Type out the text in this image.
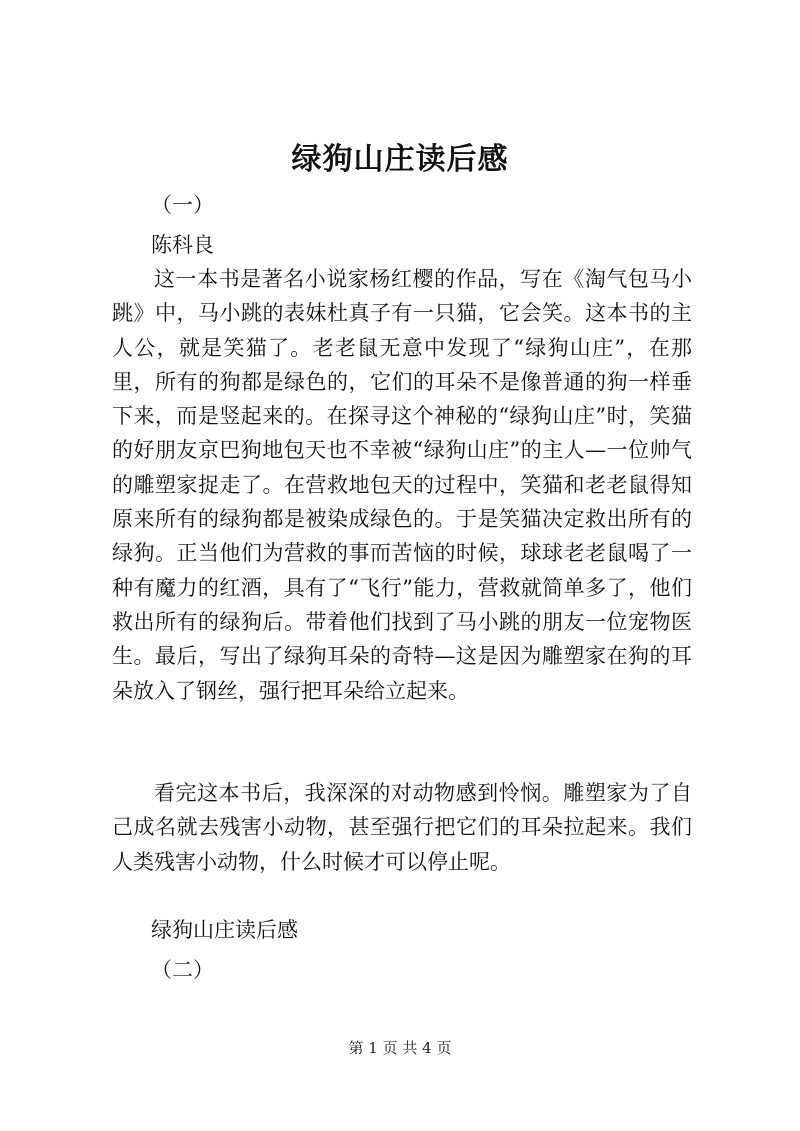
绿狗山庄读后感
（一）
陈科良

这一本书是著名小说家杨红樱的作品，写在《淘气包马小跳》中，马小跳的表妹杜真子有一只猫，它会笑。这本书的主人公，就是笑猫了。老老鼠无意中发现了“绿狗山庄”，在那里，所有的狗都是绿色的，它们的耳朵不是像普通的狗一样垂下来，而是竖起来的。在探寻这个神秘的“绿狗山庄”时，笑猫的好朋友京巴狗地包天也不幸被“绿狗山庄”的主人—一位帅气的雕塑家捉走了。在营救地包天的过程中，笑猫和老老鼠得知原来所有的绿狗都是被染成绿色的。于是笑猫决定救出所有的绿狗。正当他们为营救的事而苦恼的时候，球球老老鼠喝了一种有魔力的红酒，具有了“飞行”能力，营救就简单多了，他们救出所有的绿狗后。带着他们找到了马小跳的朋友一位宠物医生。最后，写出了绿狗耳朵的奇特—这是因为雕塑家在狗的耳朵放入了钢丝，强行把耳朵给立起来。

看完这本书后，我深深的对动物感到怜悯。雕塑家为了自己成名就去残害小动物，甚至强行把它们的耳朵拉起来。我们人类残害小动物，什么时候才可以停止呢。

绿狗山庄读后感
（二）
第 1 页 共 4 页
